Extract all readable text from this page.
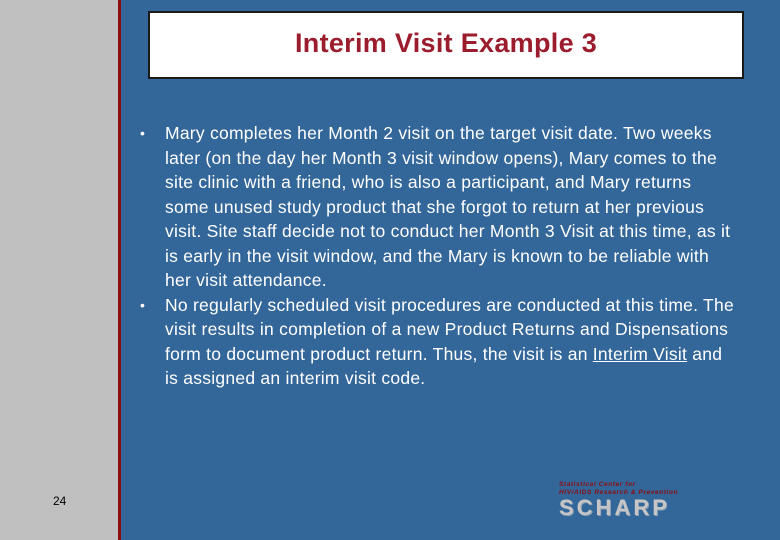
Interim Visit Example 3
• Mary completes her Month 2 visit on the target visit date. Two weeks later (on the day her Month 3 visit window opens), Mary comes to the site clinic with a friend, who is also a participant, and Mary returns some unused study product that she forgot to return at her previous visit. Site staff decide not to conduct her Month 3 Visit at this time, as it is early in the visit window, and the Mary is known to be reliable with her visit attendance.
• No regularly scheduled visit procedures are conducted at this time. The visit results in completion of a new Product Returns and Dispensations form to document product return. Thus, the visit is an Interim Visit and is assigned an interim visit code.
24
Statistical Center for
HIV/AIDS Research & Prevention
SCHARP
